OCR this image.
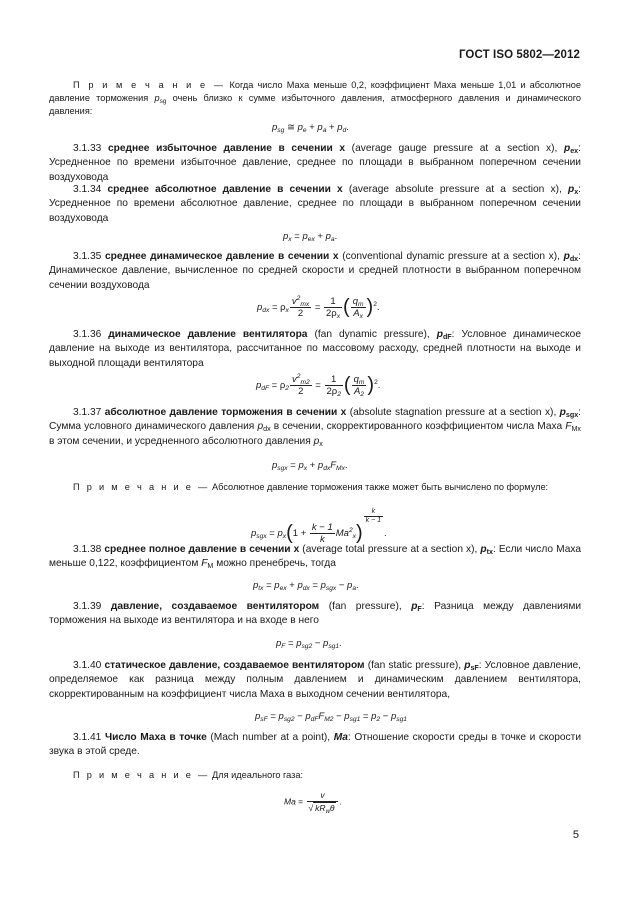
ГОСТ ISO 5802—2012
П р и м е ч а н и е — Когда число Маха меньше 0,2, коэффициент Маха меньше 1,01 и абсолютное давление торможения $p_{sg}$ очень близко к сумме избыточного давления, атмосферного давления и динамического давления:
$p_{sg}$ ≅ $p_e + p_a + p_d$.
3.1.33 среднее избыточное давление в сечении x (average gauge pressure at a section x), $p_{ex}$: Усредненное по времени избыточное давление, среднее по площади в выбранном поперечном сечении воздуховода
3.1.34 среднее абсолютное давление в сечении x (average absolute pressure at a section x), $p_x$: Усредненное по времени абсолютное давление, среднее по площади в выбранном поперечном сечении воздуховода
$p_x = p_{ex} + p_a$.
3.1.35 среднее динамическое давление в сечении x (conventional dynamic pressure at a section x), $p_{dx}$: Динамическое давление, вычисленное по средней скорости и средней плотности в выбранном поперечном сечении воздуховода
$p_{dx} = \rho_x \frac{v^2_{mx}}{2} = \frac{1}{2\rho_x}$ ( $\frac{q_m}{A_x} )^2$.
3.1.36 динамическое давление вентилятора (fan dynamic pressure), $p_{dF}$: Условное динамическое давление на выходе из вентилятора, рассчитанное по массовому расходу, средней плотности на выходе и выходной площади вентилятора
$p_{dF} = \rho_2 \frac{v^2_{m2}}{2} = \frac{1}{2\rho_2}$ ( $\frac{q_m}{A_2} )^2$.
3.1.37 абсолютное давление торможения в сечении x (absolute stagnation pressure at a section x), $p_{sgx}$: Сумма условного динамического давления $p_{dx}$ в сечении, скорректированного коэффициентом числа Маха $F_{Mx}$ в этом сечении, и усредненного абсолютного давления $p_x$
$p_{sgx} = p_x + p_{dx}F_{Mx}$.
П р и м е ч а н и е — Абсолютное давление торможения также может быть вычислено по формуле:
$p_{sgx} = p_x(1 + \frac{k - 1}{k} Ma^2_x)$
$\frac{k}{k - 1}$
.
3.1.38 среднее полное давление в сечении x (average total pressure at a section x), $p_{tx}$: Если число Маха меньше 0,122, коэффициентом $F_M$ можно пренебречь, тогда
$p_{tx} = p_{ex} + p_{dx} = p_{sgx} - p_a$.
3.1.39 давление, создаваемое вентилятором (fan pressure), $p_F$: Разница между давлениями торможения на выходе из вентилятора и на входе в него
$p_F = p_{sg2} - p_{sg1}$.
3.1.40 статическое давление, создаваемое вентилятором (fan static pressure), $p_{sF}$: Условное давление, определяемое как разница между полным давлением и динамическим давлением вентилятора, скорректированным на коэффициент числа Маха в выходном сечении вентилятора,
$p_{sF} = p_{sg2} - p_{dF}F_{M2} - p_{sg1} = p_2 - p_{sg1}$
3.1.41 Число Маха в точке (Mach number at a point), Ma: Отношение скорости среды в точке и скорости звука в этой среде.
П р и м е ч а н и е — Для идеального газа:
$Ma = \frac{v}{√ kR_w\theta}$ .
5
